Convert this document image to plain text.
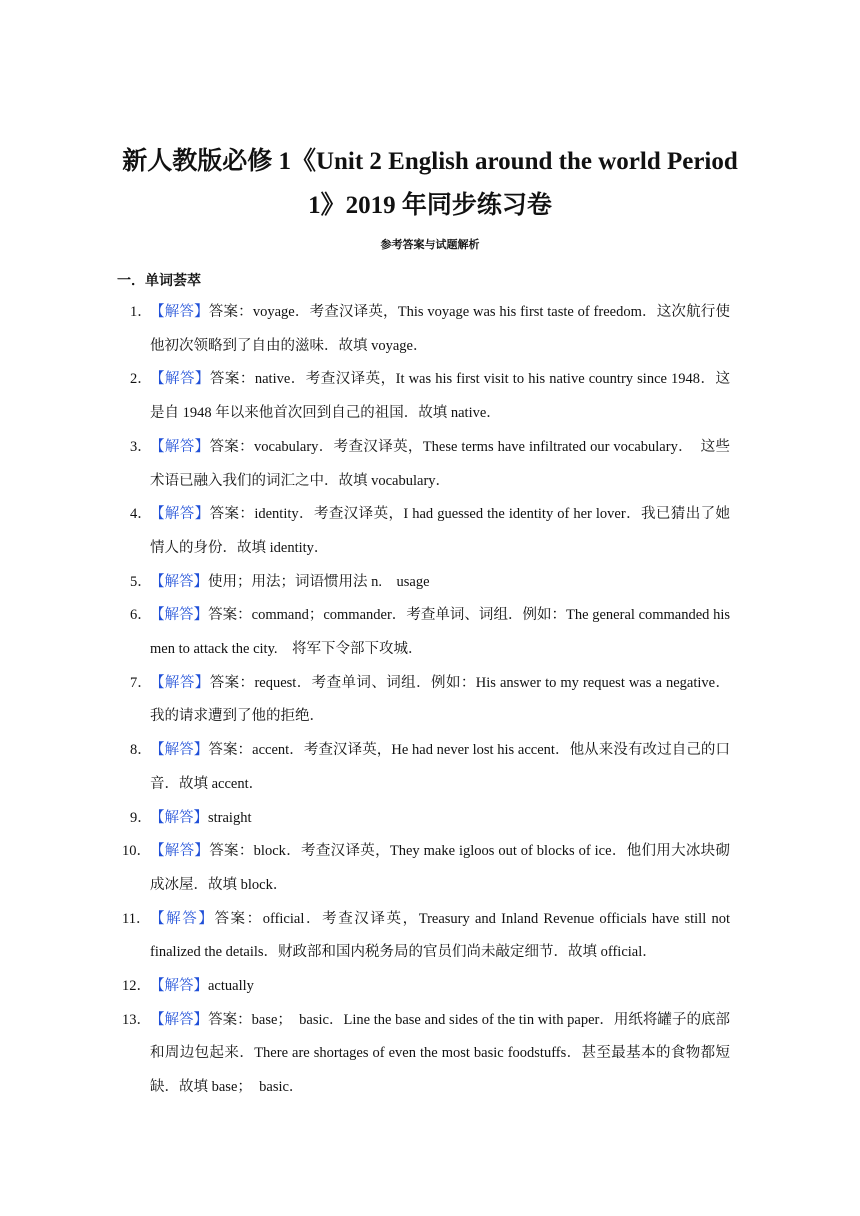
新人教版必修 1《Unit 2 English around the world Period
1》2019 年同步练习卷

参考答案与试题解析

一．单词荟萃

1．
【解答】答案：voyage．考查汉译英，This voyage was his first taste of freedom．这次航行使他初次领略到了自由的滋味．故填 voyage．
2．
【解答】答案：native．考查汉译英，It was his first visit to his native country since 1948．这是自 1948 年以来他首次回到自己的祖国．故填 native．
3．
【解答】答案：vocabulary．考查汉译英，These terms have infiltrated our vocabulary．　这些术语已融入我们的词汇之中．故填 vocabulary．
4．
【解答】答案：identity．考查汉译英，I had guessed the identity of her lover．我已猜出了她情人的身份．故填 identity．
5．
【解答】使用；用法；词语惯用法 n.　usage
6．
【解答】答案：command；commander．考查单词、词组．例如：The general commanded his men to attack the city.　将军下令部下攻城．
7．
【解答】答案：request．考查单词、词组．例如：His answer to my request was a negative．我的请求遭到了他的拒绝．
8．
【解答】答案：accent．考查汉译英，He had never lost his accent．他从来没有改过自己的口音．故填 accent．
9．
【解答】straight
10． 【解答】答案：block．考查汉译英，They make igloos out of blocks of ice．他们用大冰块砌成冰屋．故填 block．
11． 【解答】答案：official．考查汉译英，Treasury and Inland Revenue officials have still not finalized the details．财政部和国内税务局的官员们尚未敲定细节．故填 official．
12． 【解答】actually
13． 【解答】答案：base；　basic．Line the base and sides of the tin with paper．用纸将罐子的底部和周边包起来．There are shortages of even the most basic foodstuffs．甚至最基本的食物都短缺．故填 base；　basic．
